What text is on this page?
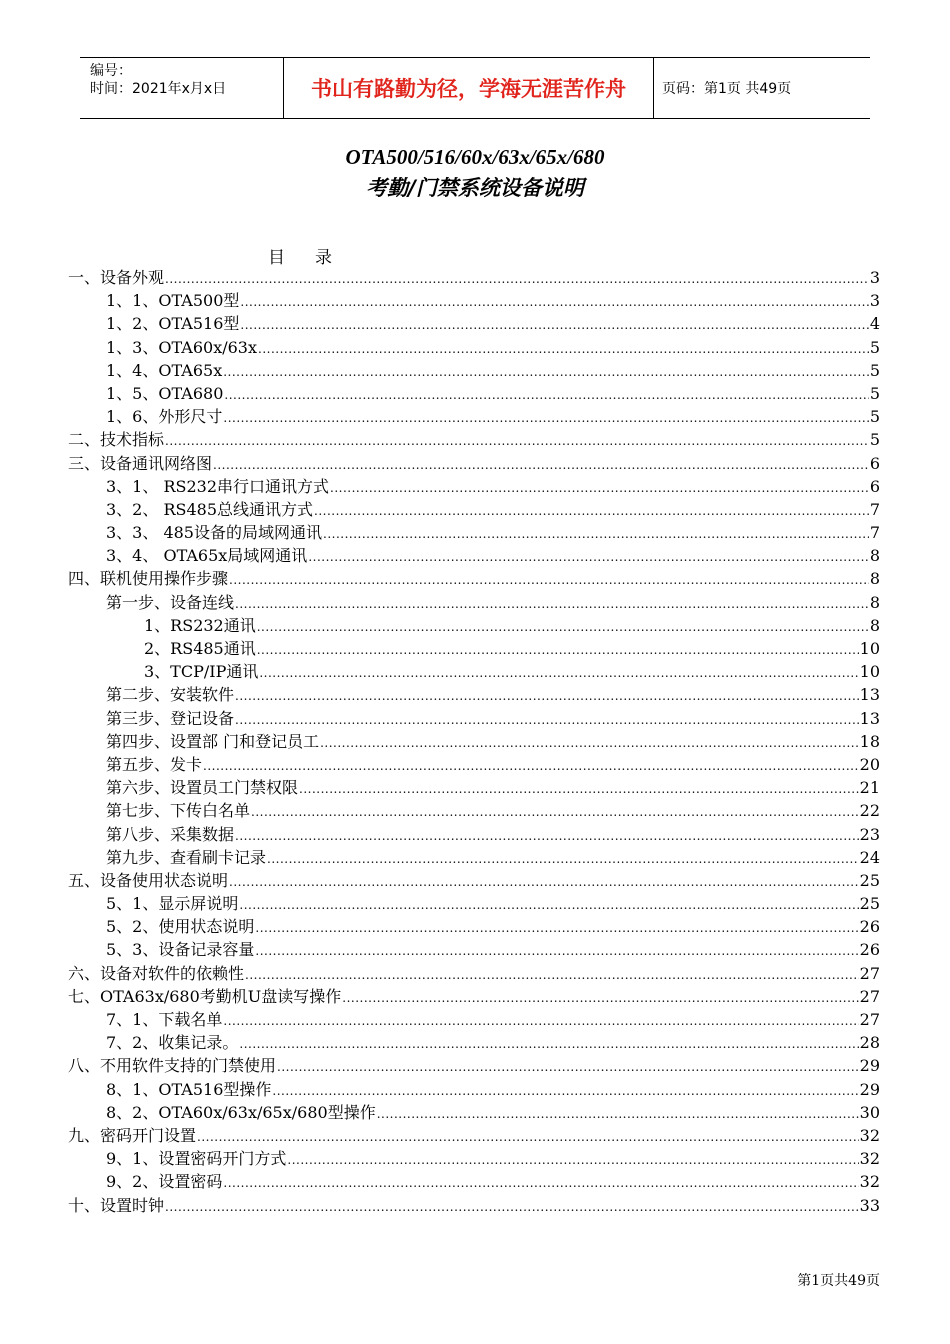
编号：
时间：2021年x月x日	书山有路勤为径，学海无涯苦作舟	页码：第1页 共49页
OTA500/516/60x/63x/65x/680
考勤/门禁系统设备说明
目 录
一、设备外观 .....	3
1、1、OTA500型 .....	3
1、2、OTA516型 .....	4
1、3、OTA60x/63x .....	5
1、4、OTA65x .....	5
1、5、OTA680 .....	5
1、6、外形尺寸 .....	5
二、技术指标 .....	5
三、设备通讯网络图 .....	6
3、1、 RS232串行口通讯方式 .....	6
3、2、 RS485总线通讯方式 .....	7
3、3、 485设备的局域网通讯 .....	7
3、4、 OTA65x局域网通讯 .....	8
四、联机使用操作步骤 .....	8
第一步、设备连线 .....	8
1、RS232通讯 .....	8
2、RS485通讯 .....	10
3、TCP/IP通讯 .....	10
第二步、安装软件 .....	13
第三步、登记设备 .....	13
第四步、设置部 门和登记员工 .....	18
第五步、发卡 .....	20
第六步、设置员工门禁权限 .....	21
第七步、下传白名单 .....	22
第八步、采集数据 .....	23
第九步、查看刷卡记录 .....	24
五、设备使用状态说明 .....	25
5、1、显示屏说明 .....	25
5、2、使用状态说明 .....	26
5、3、设备记录容量 .....	26
六、设备对软件的依赖性 .....	27
七、OTA63x/680考勤机U盘读写操作 .....	27
7、1、下载名单 .....	27
7、2、收集记录。 .....	28
八、不用软件支持的门禁使用 .....	29
8、1、OTA516型操作 .....	29
8、2、OTA60x/63x/65x/680型操作 .....	30
九、密码开门设置 .....	32
9、1、设置密码开门方式 .....	32
9、2、设置密码 .....	32
十、设置时钟 .....	33
第1页共49页
